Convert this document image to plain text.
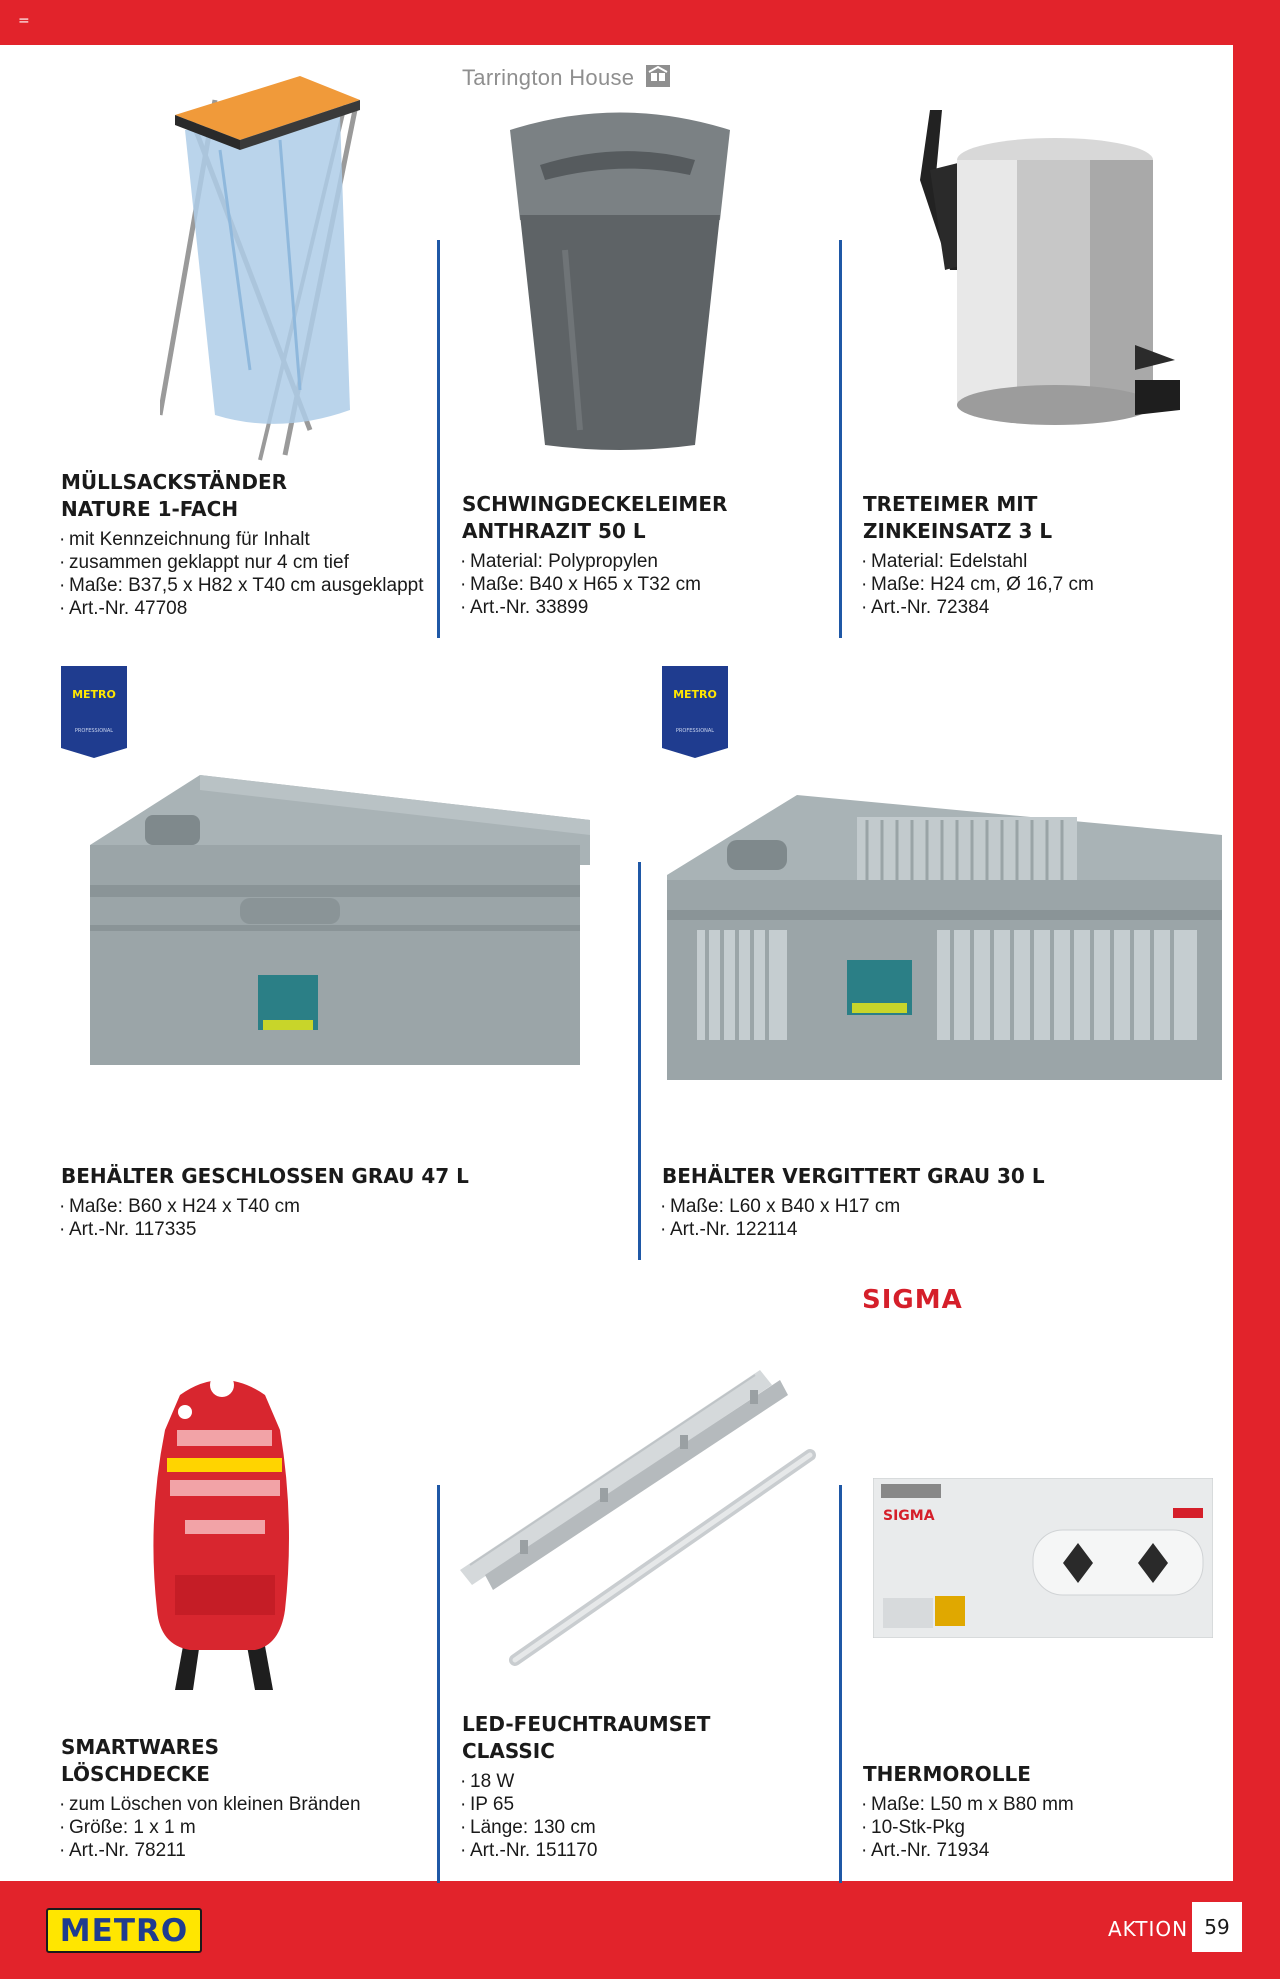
=
Tarrington House
METRO
PROFESSIONAL
METRO
PROFESSIONAL
SIGMA
SIGMA
MÜLLSACKSTÄNDER
NATURE 1-FACH
· mit Kennzeichnung für Inhalt
· zusammen geklappt nur 4 cm tief
· Maße: B37,5 x H82 x T40 cm ausgeklappt
· Art.-Nr. 47708
SCHWINGDECKELEIMER
ANTHRAZIT 50 L
· Material: Polypropylen
· Maße: B40 x H65 x T32 cm
· Art.-Nr. 33899
TRETEIMER MIT
ZINKEINSATZ 3 L
· Material: Edelstahl
· Maße: H24 cm, Ø 16,7 cm
· Art.-Nr. 72384
BEHÄLTER GESCHLOSSEN GRAU 47 L
· Maße: B60 x H24 x T40 cm
· Art.-Nr. 117335
BEHÄLTER VERGITTERT GRAU 30 L
· Maße: L60 x B40 x H17 cm
· Art.-Nr. 122114
SMARTWARES
LÖSCHDECKE
· zum Löschen von kleinen Bränden
· Größe: 1 x 1 m
· Art.-Nr. 78211
LED-FEUCHTRAUMSET
CLASSIC
· 18 W
· IP 65
· Länge: 130 cm
· Art.-Nr. 151170
THERMOROLLE
· Maße: L50 m x B80 mm
· 10-Stk-Pkg
· Art.-Nr. 71934
METRO	AKTION 59
